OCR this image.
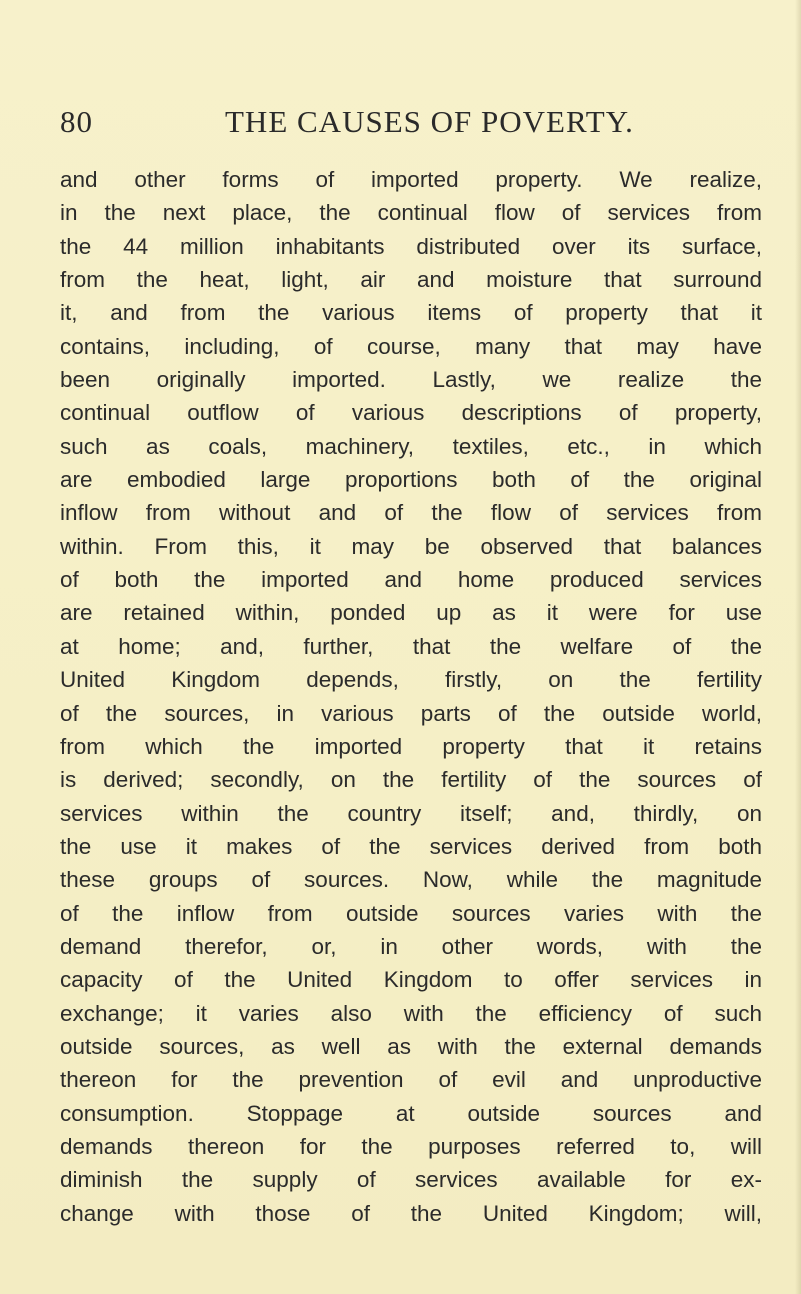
80	THE CAUSES OF POVERTY.
and other forms of imported property. We realize,
in the next place, the continual flow of services from
the 44 million inhabitants distributed over its surface,
from the heat, light, air and moisture that surround
it, and from the various items of property that it
contains, including, of course, many that may have
been originally imported. Lastly, we realize the
continual outflow of various descriptions of property,
such as coals, machinery, textiles, etc., in which
are embodied large proportions both of the original
inflow from without and of the flow of services from
within. From this, it may be observed that balances
of both the imported and home produced services
are retained within, ponded up as it were for use
at home; and, further, that the welfare of the
United Kingdom depends, firstly, on the fertility
of the sources, in various parts of the outside world,
from which the imported property that it retains
is derived; secondly, on the fertility of the sources of
services within the country itself; and, thirdly, on
the use it makes of the services derived from both
these groups of sources. Now, while the magnitude
of the inflow from outside sources varies with the
demand therefor, or, in other words, with the
capacity of the United Kingdom to offer services in
exchange; it varies also with the efficiency of such
outside sources, as well as with the external demands
thereon for the prevention of evil and unproductive
consumption. Stoppage at outside sources and
demands thereon for the purposes referred to, will
diminish the supply of services available for ex-
change with those of the United Kingdom; will,
